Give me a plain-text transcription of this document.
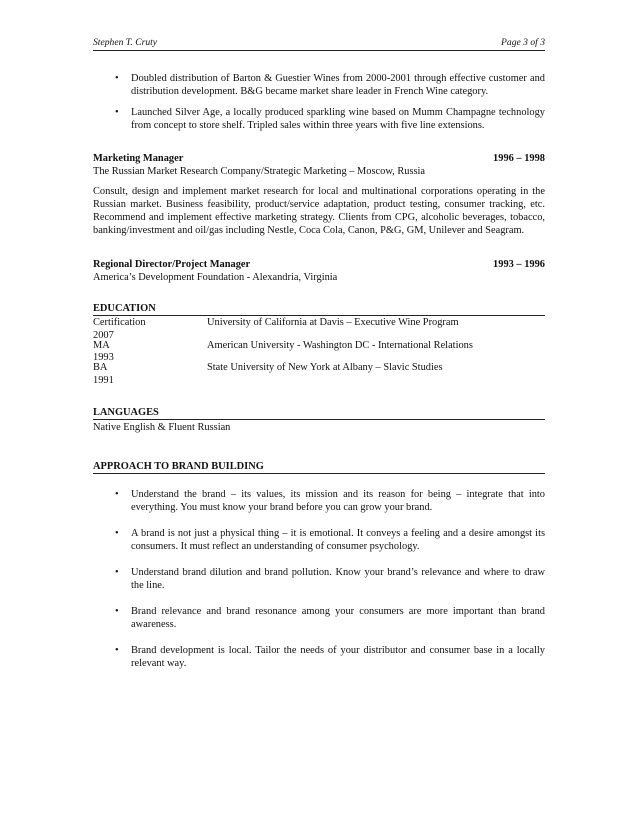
Stephen T. Cruty	Page 3 of 3
• Doubled distribution of Barton & Guestier Wines from 2000-2001 through effective customer and distribution development. B&G became market share leader in French Wine category.
• Launched Silver Age, a locally produced sparkling wine based on Mumm Champagne technology from concept to store shelf. Tripled sales within three years with five line extensions.
Marketing Manager	1996 – 1998
The Russian Market Research Company/Strategic Marketing – Moscow, Russia
Consult, design and implement market research for local and multinational corporations operating in the Russian market. Business feasibility, product/service adaptation, product testing, consumer tracking, etc. Recommend and implement effective marketing strategy. Clients from CPG, alcoholic beverages, tobacco, banking/investment and oil/gas including Nestle, Coca Cola, Canon, P&G, GM, Unilever and Seagram.
Regional Director/Project Manager	1993 – 1996
America’s Development Foundation - Alexandria, Virginia
EDUCATION
Certification	University of California at Davis – Executive Wine Program
2007
MA	American University - Washington DC - International Relations
1993
BA	State University of New York at Albany – Slavic Studies
1991
LANGUAGES
Native English & Fluent Russian
APPROACH TO BRAND BUILDING
• Understand the brand – its values, its mission and its reason for being – integrate that into everything. You must know your brand before you can grow your brand.
• A brand is not just a physical thing – it is emotional. It conveys a feeling and a desire amongst its consumers. It must reflect an understanding of consumer psychology.
• Understand brand dilution and brand pollution. Know your brand’s relevance and where to draw the line.
• Brand relevance and brand resonance among your consumers are more important than brand awareness.
• Brand development is local. Tailor the needs of your distributor and consumer base in a locally relevant way.
